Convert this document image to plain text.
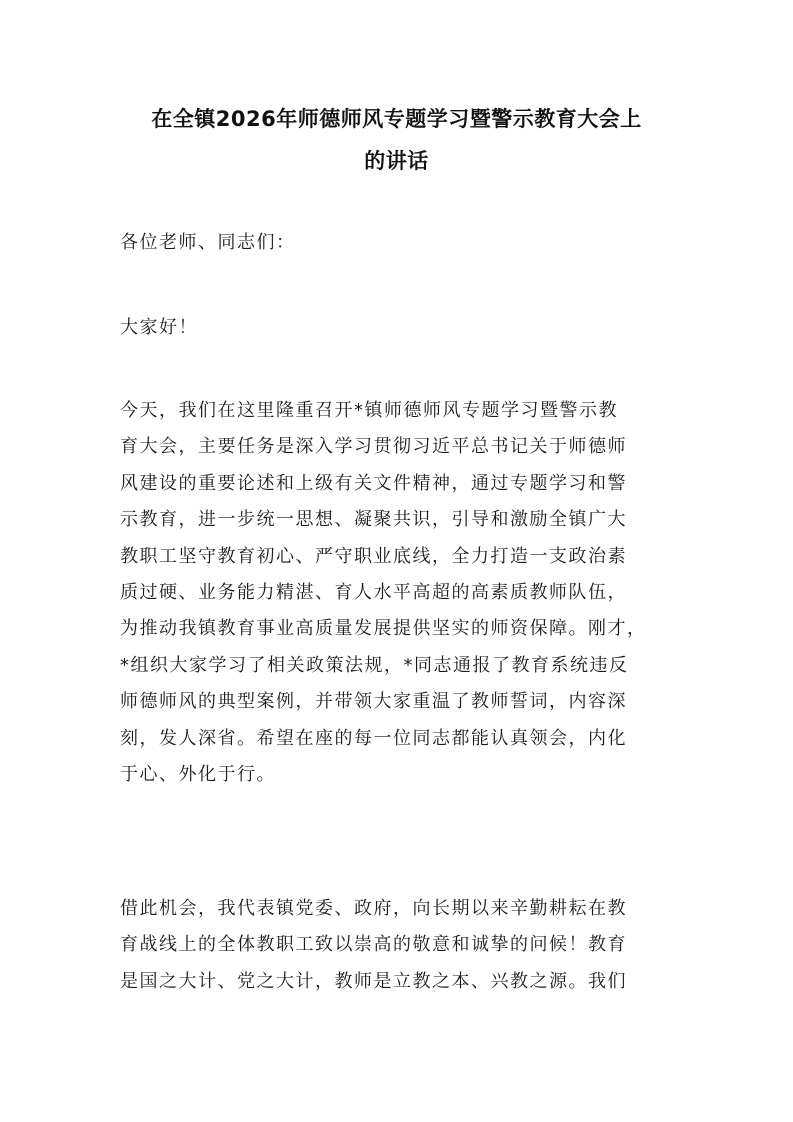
在全镇2026年师德师风专题学习暨警示教育大会上
的讲话
各位老师、同志们：
大家好！
今天，我们在这里隆重召开*镇师德师风专题学习暨警示教
育大会，主要任务是深入学习贯彻习近平总书记关于师德师
风建设的重要论述和上级有关文件精神，通过专题学习和警
示教育，进一步统一思想、凝聚共识，引导和激励全镇广大
教职工坚守教育初心、严守职业底线，全力打造一支政治素
质过硬、业务能力精湛、育人水平高超的高素质教师队伍，
为推动我镇教育事业高质量发展提供坚实的师资保障。刚才，
*组织大家学习了相关政策法规，*同志通报了教育系统违反
师德师风的典型案例，并带领大家重温了教师誓词，内容深
刻，发人深省。希望在座的每一位同志都能认真领会，内化
于心、外化于行。
借此机会，我代表镇党委、政府，向长期以来辛勤耕耘在教
育战线上的全体教职工致以崇高的敬意和诚挚的问候！教育
是国之大计、党之大计，教师是立教之本、兴教之源。我们
